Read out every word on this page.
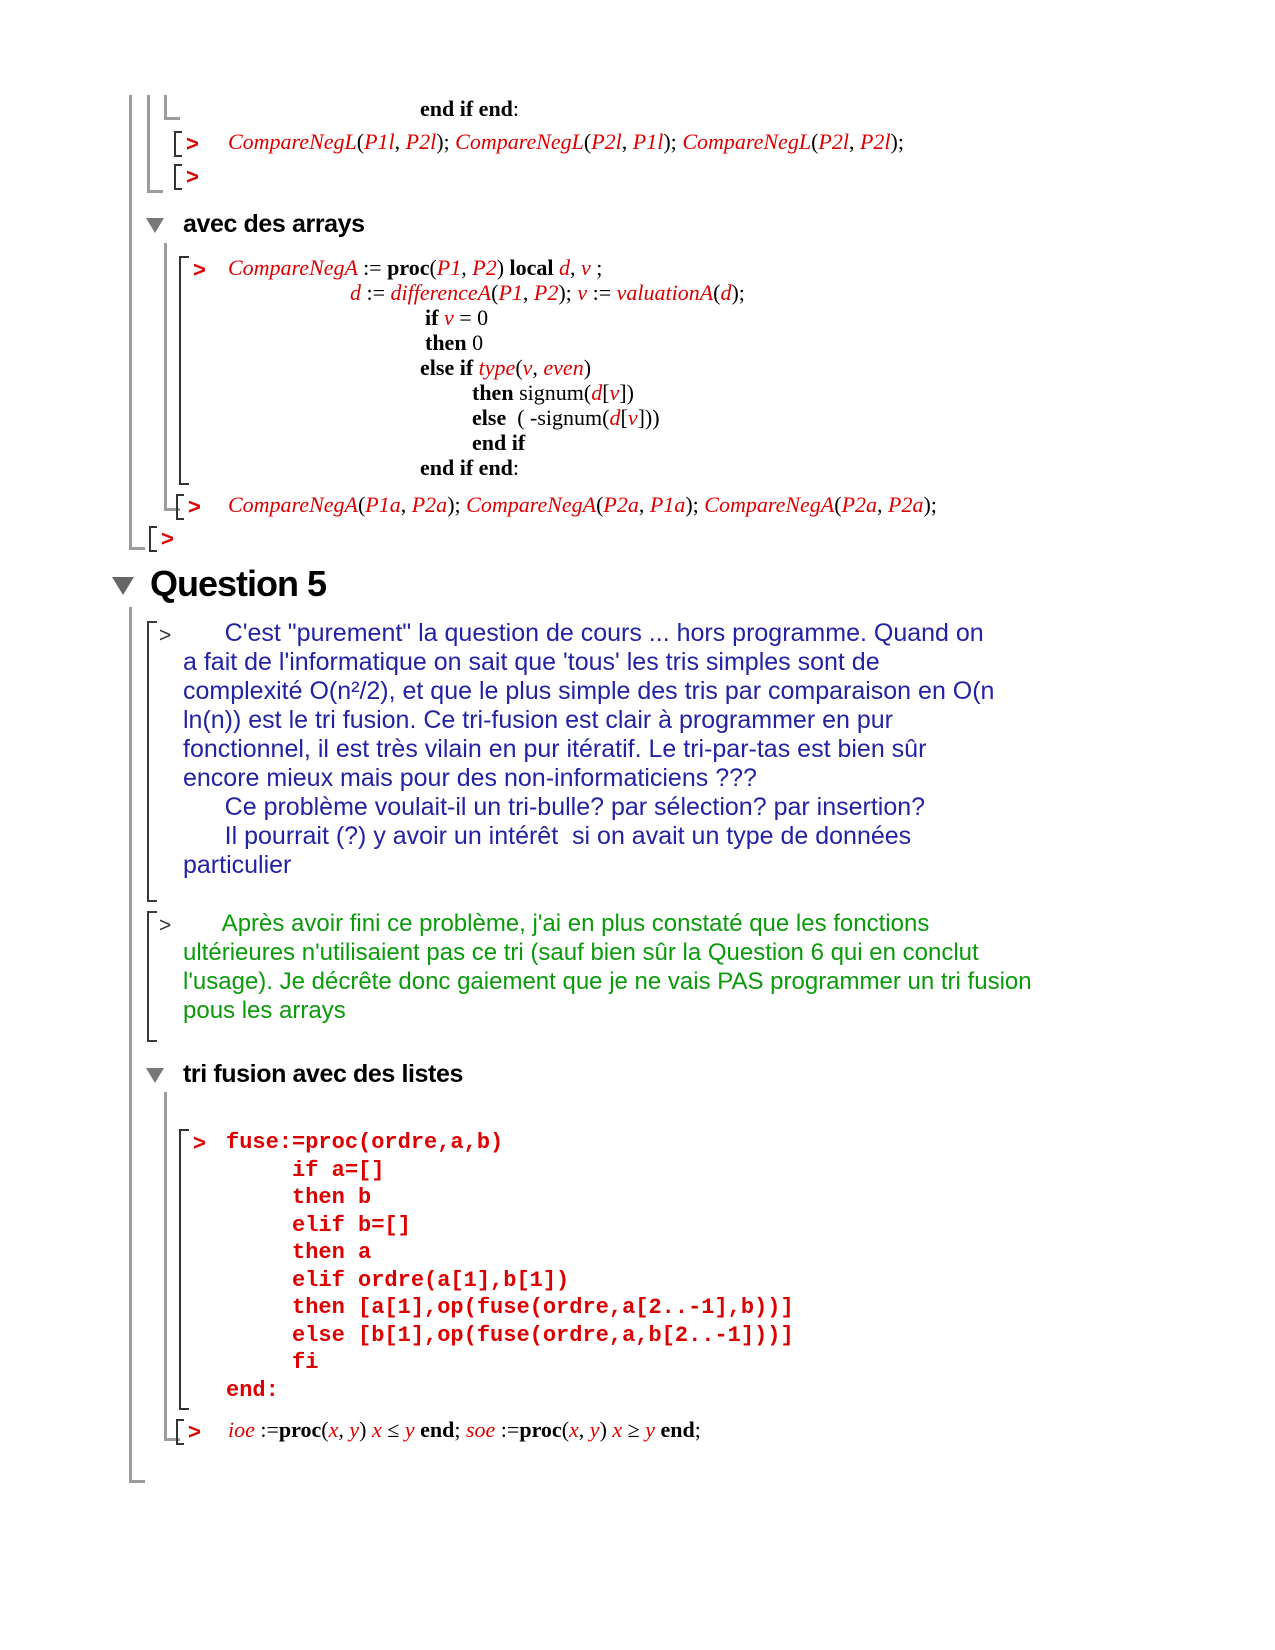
end if end:
> CompareNegL(P1l, P2l); CompareNegL(P2l, P1l); CompareNegL(P2l, P2l);
>
avec des arrays
> CompareNegA := proc(P1, P2) local d, v ;
d := differenceA(P1, P2); v := valuationA(d);
if v = 0
then 0
else if type(v, even)
then signum(d[v])
else  ( -signum(d[v]))
end if
end if end:
> CompareNegA(P1a, P2a); CompareNegA(P2a, P1a); CompareNegA(P2a, P2a);
>
Question 5
> C'est "purement" la question de cours ... hors programme. Quand on
a fait de l'informatique on sait que 'tous' les tris simples sont de
complexité O(n²/2), et que le plus simple des tris par comparaison en O(n
ln(n)) est le tri fusion. Ce tri-fusion est clair à programmer en pur
fonctionnel, il est très vilain en pur itératif. Le tri-par-tas est bien sûr
encore mieux mais pour des non-informaticiens ???
Ce problème voulait-il un tri-bulle? par sélection? par insertion?
Il pourrait (?) y avoir un intérêt  si on avait un type de données
particulier
> Après avoir fini ce problème, j'ai en plus constaté que les fonctions
ultérieures n'utilisaient pas ce tri (sauf bien sûr la Question 6 qui en conclut
l'usage). Je décrête donc gaiement que je ne vais PAS programmer un tri fusion
pous les arrays
tri fusion avec des listes
> fuse:=proc(ordre,a,b)
if a=[]
then b
elif b=[]
then a
elif ordre(a[1],b[1])
then [a[1],op(fuse(ordre,a[2..-1],b))]
else [b[1],op(fuse(ordre,a,b[2..-1]))]
fi
end:
> ioe :=proc(x, y) x ≤ y end; soe :=proc(x, y) x ≥ y end;
